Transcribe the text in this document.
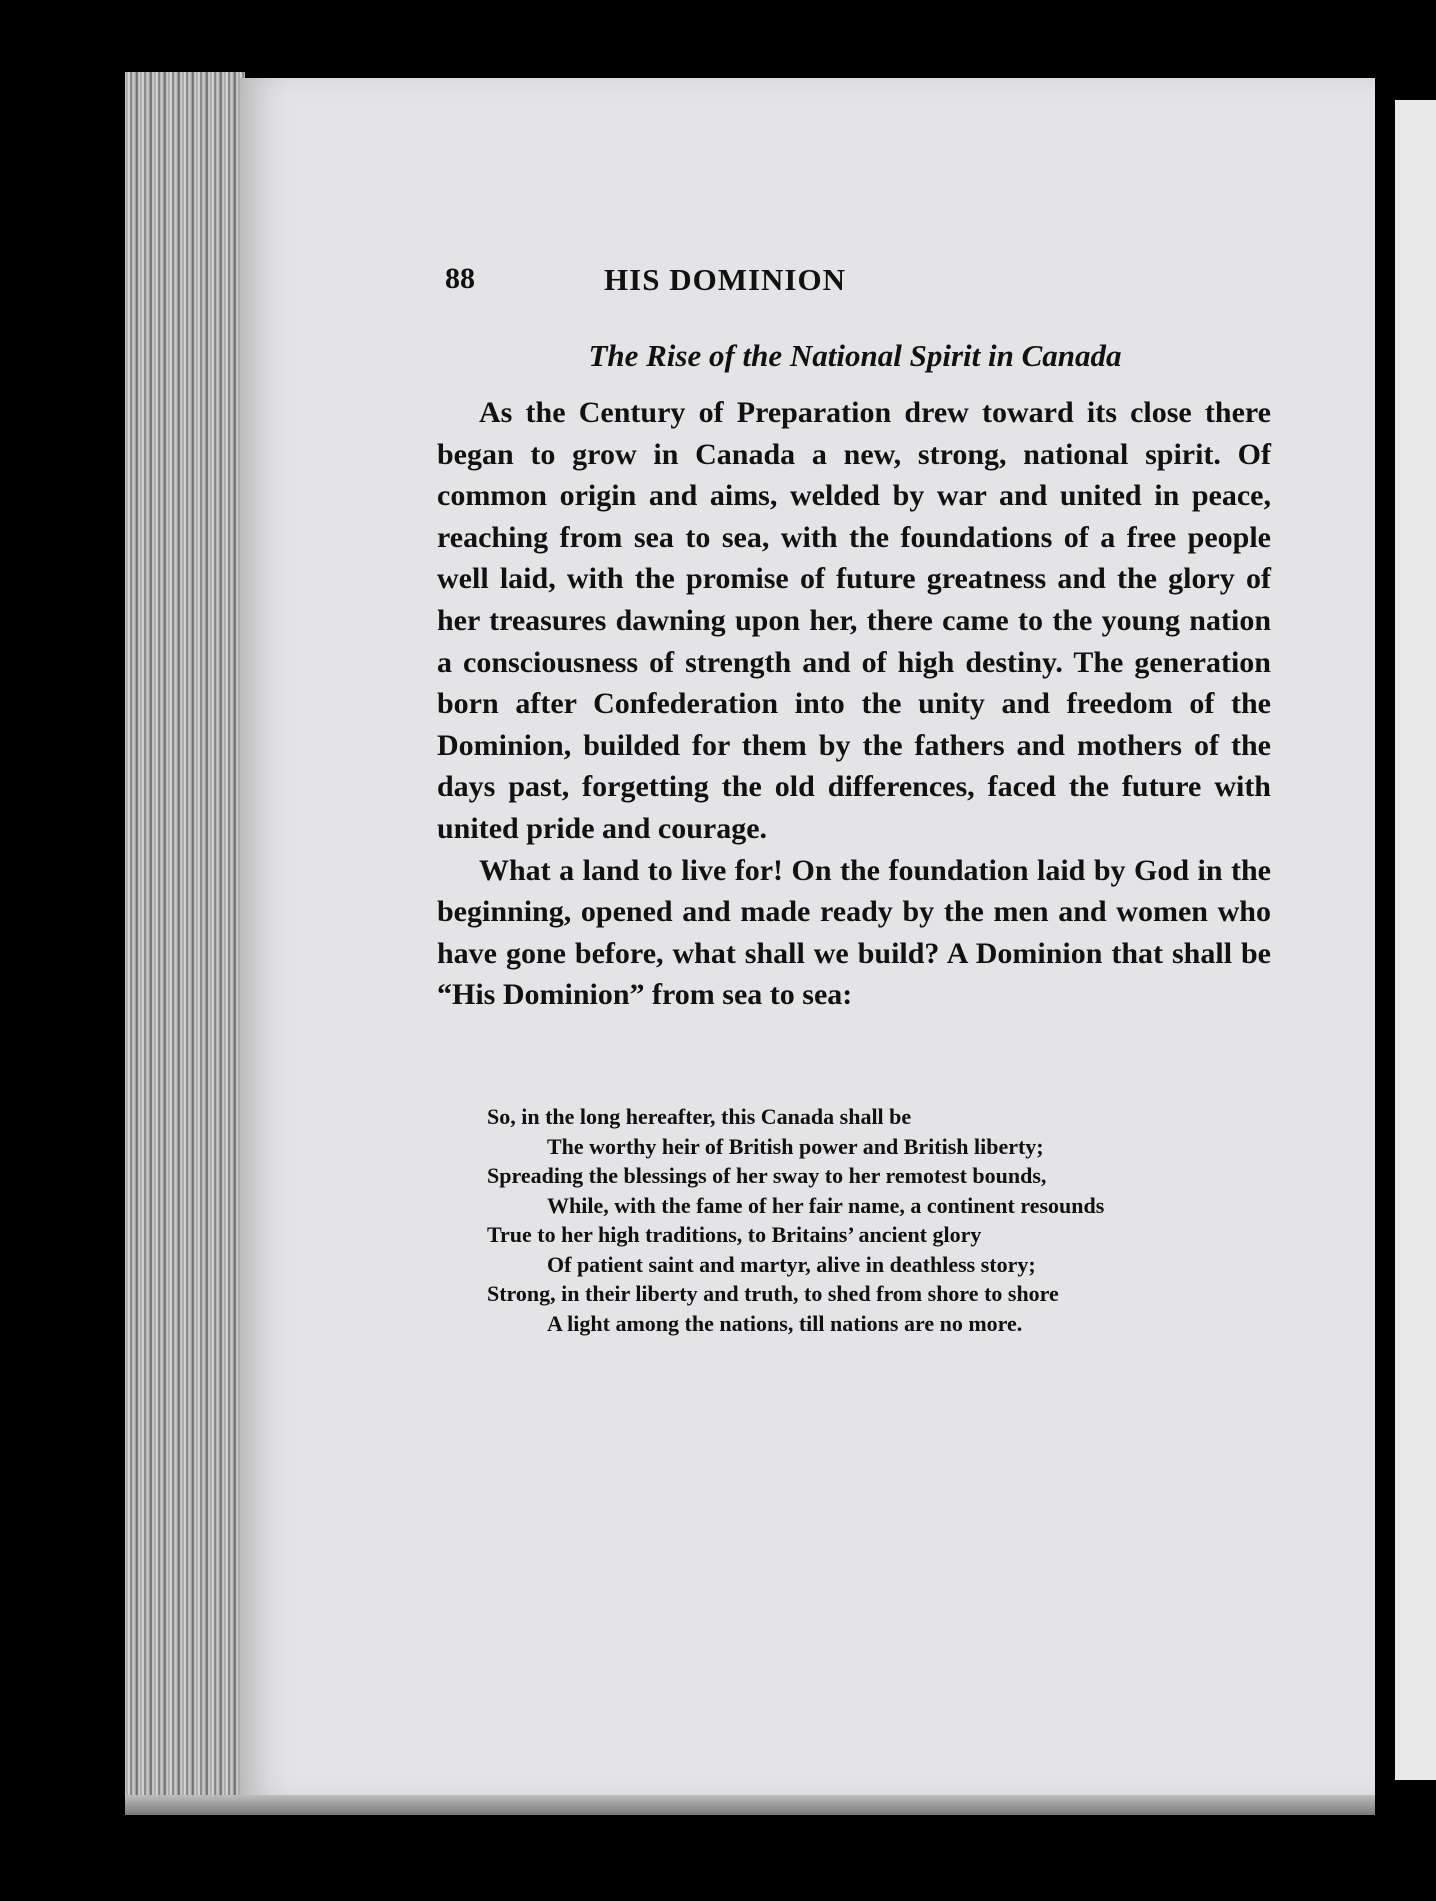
88	HIS DOMINION
The Rise of the National Spirit in Canada

As the Century of Preparation drew toward its close there began to grow in Canada a new, strong, national spirit. Of common origin and aims, welded by war and united in peace, reaching from sea to sea, with the foundations of a free people well laid, with the promise of future greatness and the glory of her treasures dawning upon her, there came to the young nation a consciousness of strength and of high destiny. The generation born after Confederation into the unity and freedom of the Dominion, builded for them by the fathers and mothers of the days past, forgetting the old differences, faced the future with united pride and courage.

What a land to live for! On the foundation laid by God in the beginning, opened and made ready by the men and women who have gone before, what shall we build? A Dominion that shall be “His Dominion” from sea to sea:

So, in the long hereafter, this Canada shall be
The worthy heir of British power and British liberty;
Spreading the blessings of her sway to her remotest bounds,
While, with the fame of her fair name, a continent resounds
True to her high traditions, to Britains’ ancient glory
Of patient saint and martyr, alive in deathless story;
Strong, in their liberty and truth, to shed from shore to shore
A light among the nations, till nations are no more.
